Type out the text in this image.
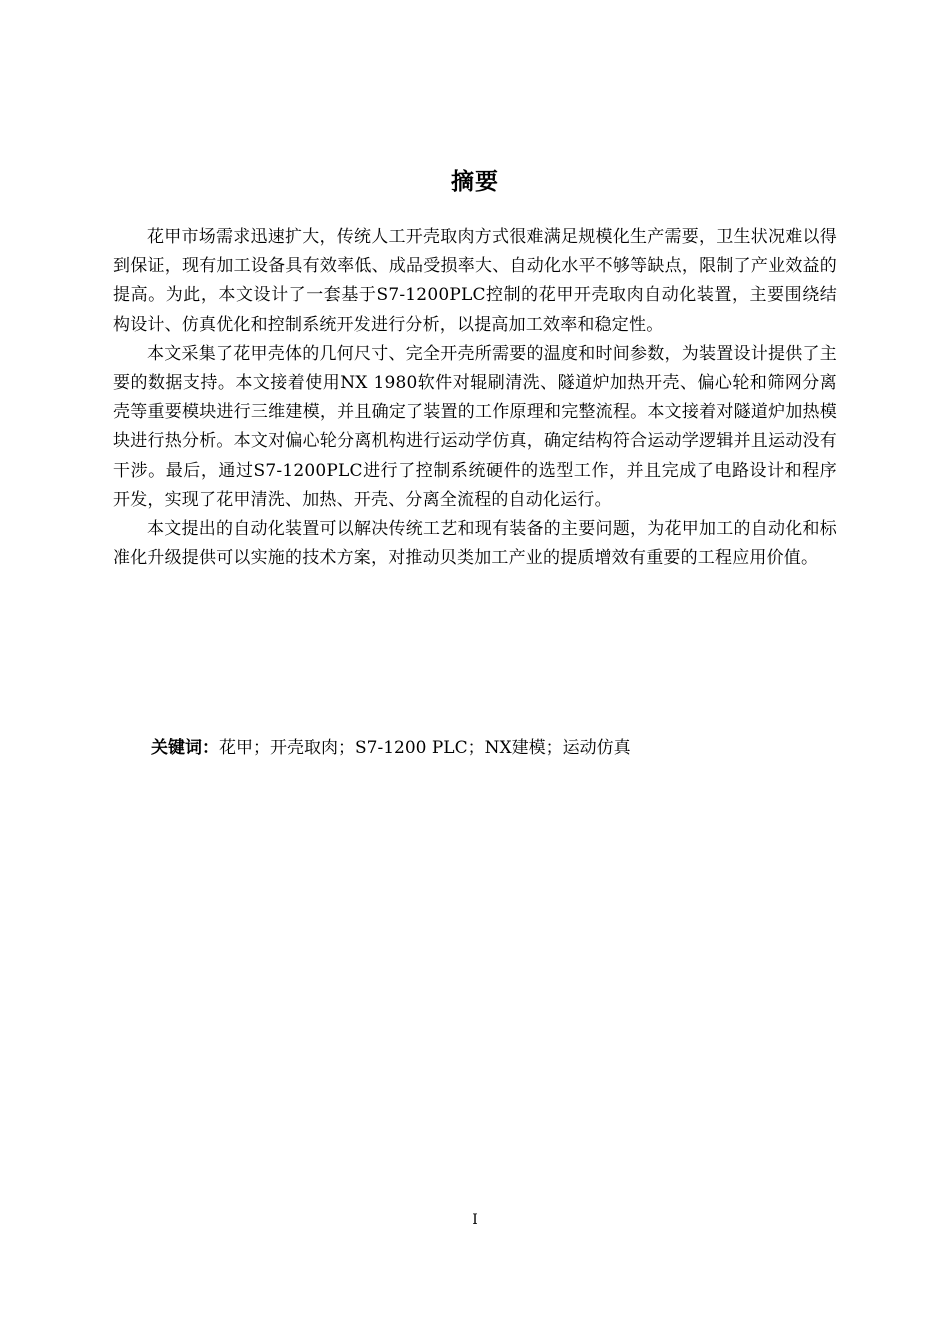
摘要

花甲市场需求迅速扩大，传统人工开壳取肉方式很难满足规模化生产需要，卫生状况难以得到保证，现有加工设备具有效率低、成品受损率大、自动化水平不够等缺点，限制了产业效益的提高。为此，本文设计了一套基于S7-1200PLC控制的花甲开壳取肉自动化装置，主要围绕结构设计、仿真优化和控制系统开发进行分析，以提高加工效率和稳定性。

本文采集了花甲壳体的几何尺寸、完全开壳所需要的温度和时间参数，为装置设计提供了主要的数据支持。本文接着使用NX 1980软件对辊刷清洗、隧道炉加热开壳、偏心轮和筛网分离壳等重要模块进行三维建模，并且确定了装置的工作原理和完整流程。本文接着对隧道炉加热模块进行热分析。本文对偏心轮分离机构进行运动学仿真，确定结构符合运动学逻辑并且运动没有干涉。最后，通过S7-1200PLC进行了控制系统硬件的选型工作，并且完成了电路设计和程序开发，实现了花甲清洗、加热、开壳、分离全流程的自动化运行。

本文提出的自动化装置可以解决传统工艺和现有装备的主要问题，为花甲加工的自动化和标准化升级提供可以实施的技术方案，对推动贝类加工产业的提质增效有重要的工程应用价值。

关键词：花甲；开壳取肉；S7-1200 PLC；NX建模；运动仿真

I
